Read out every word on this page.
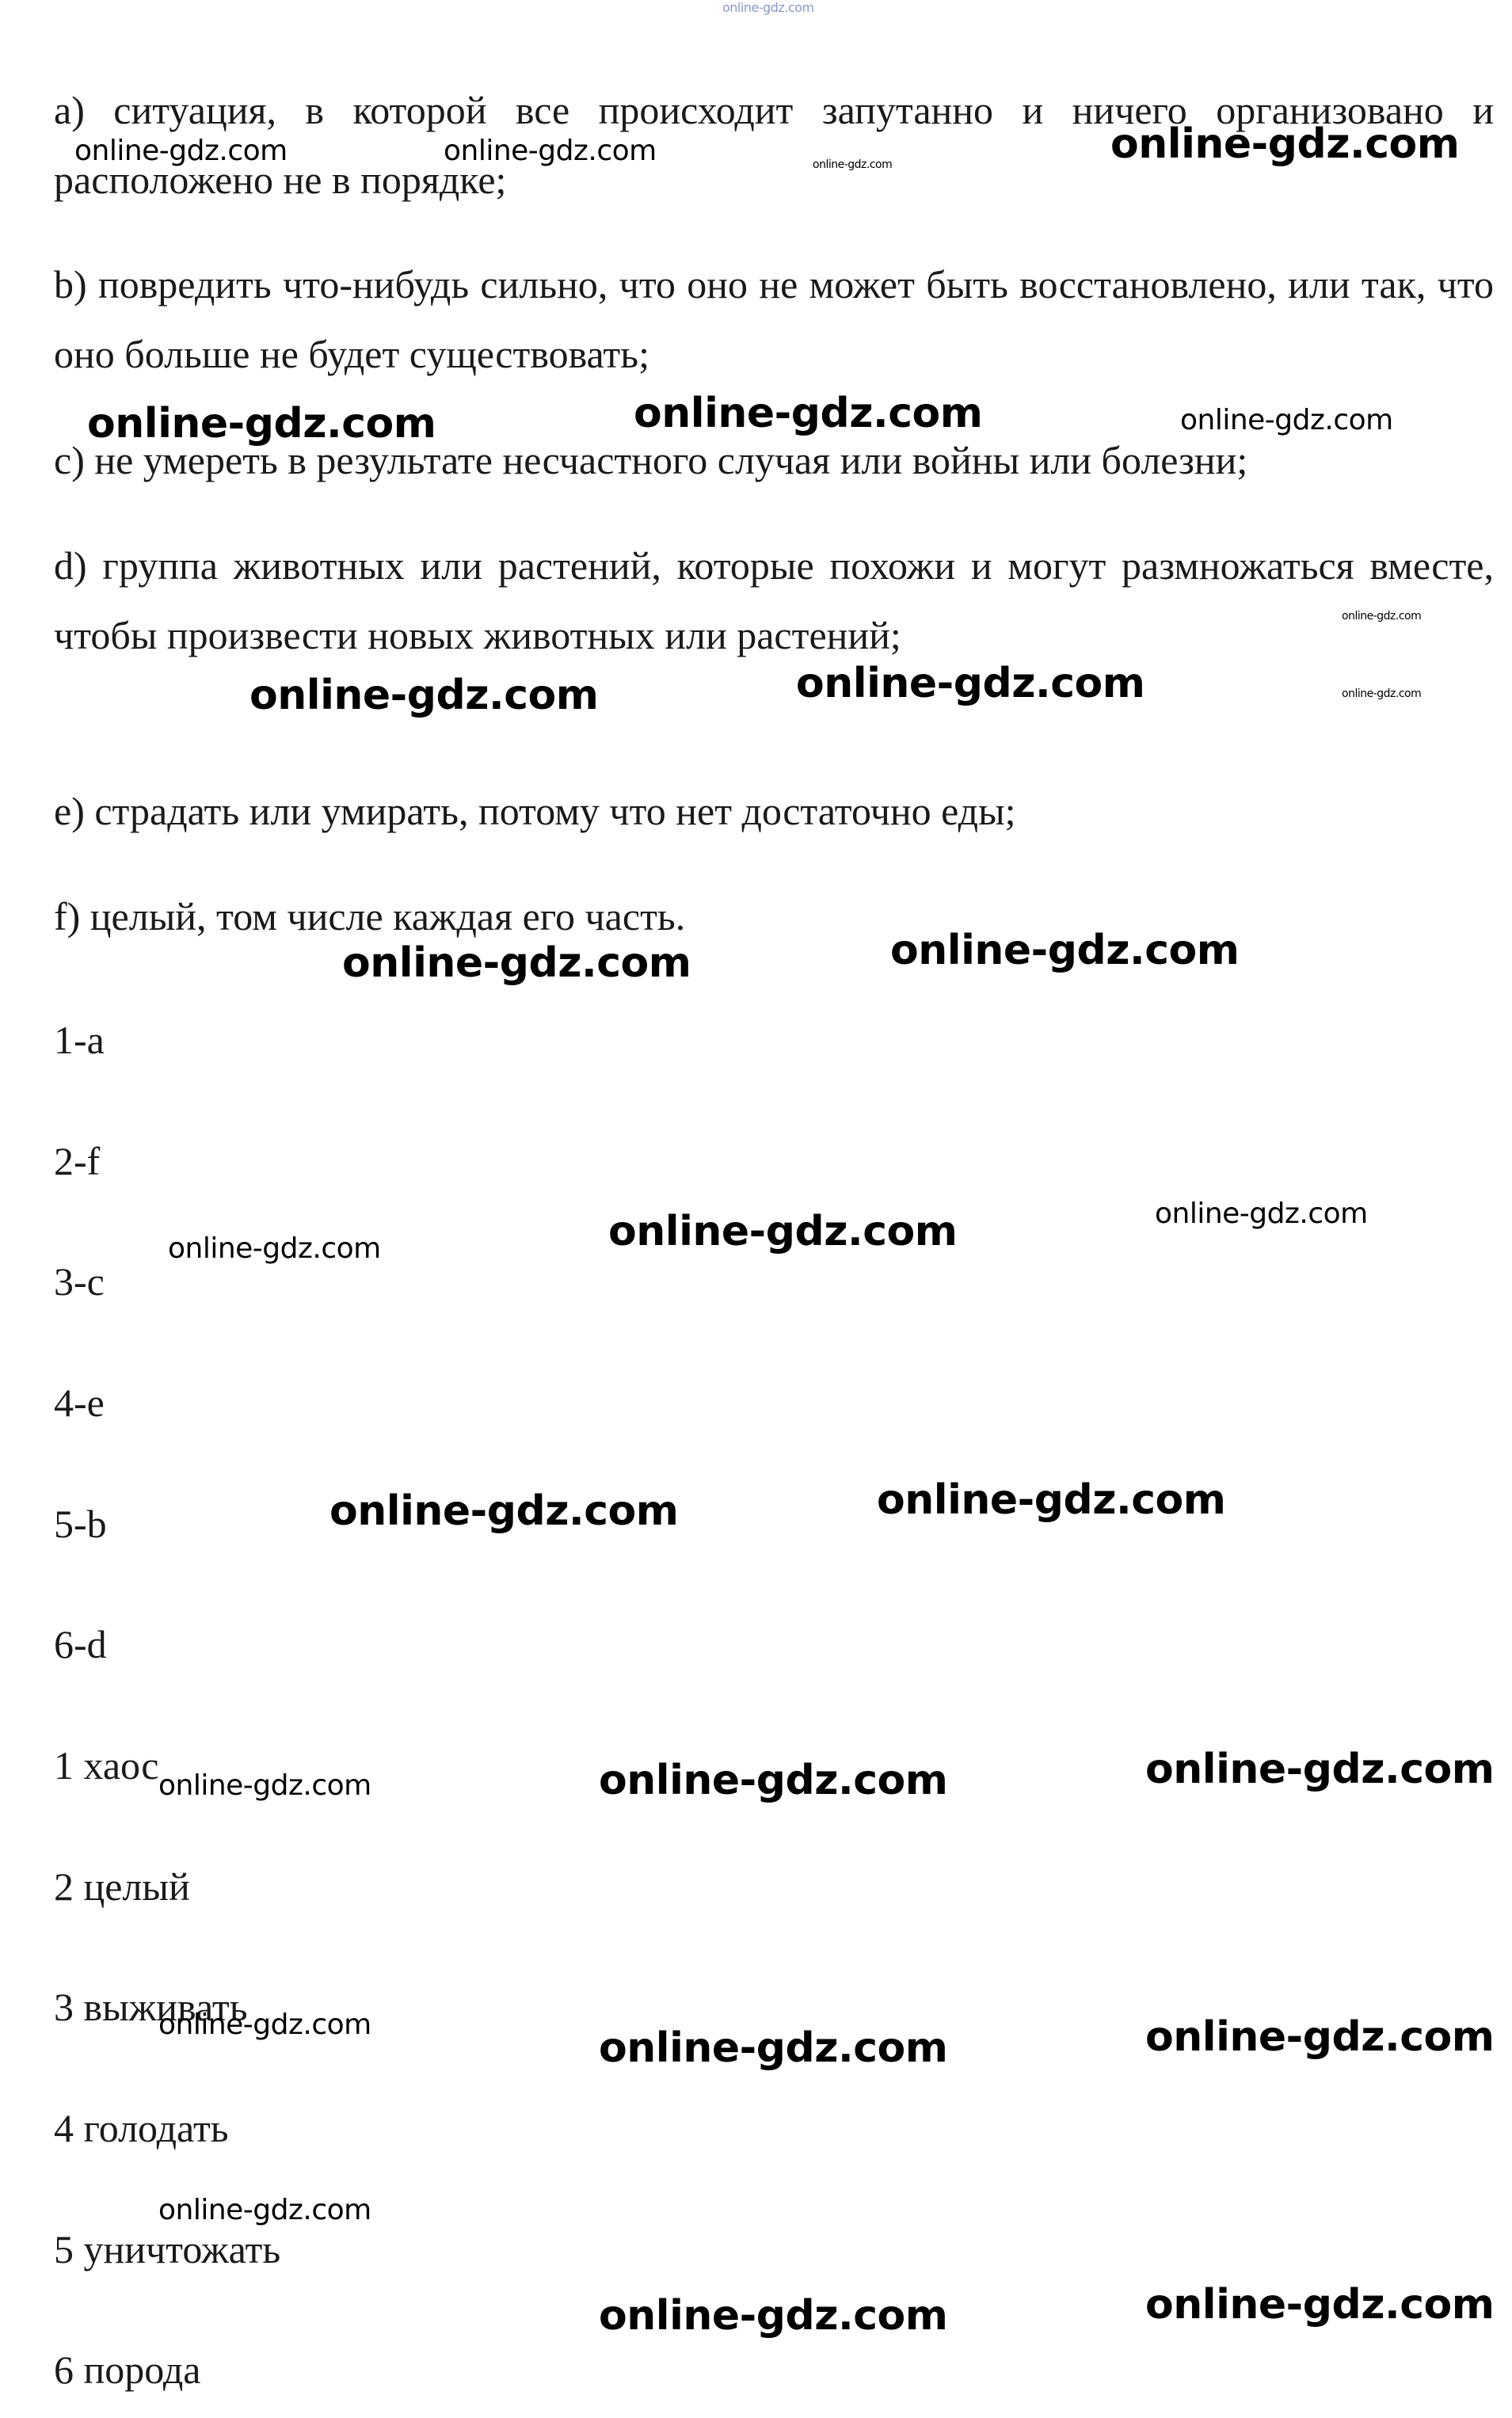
a) ситуация, в которой все происходит запутанно и ничего организовано и расположено не в порядке;

b) повредить что-нибудь сильно, что оно не может быть восстановлено, или так, что оно больше не будет существовать;

c) не умереть в результате несчастного случая или войны или болезни;

d) группа животных или растений, которые похожи и могут размножаться вместе, чтобы произвести новых животных или растений;

e) страдать или умирать, потому что нет достаточно еды;

f) целый, том числе каждая его часть.

1-a

2-f

3-c

4-e

5-b

6-d

1 хаос

2 целый

3 выживать

4 голодать

5 уничтожать

6 порода

online-gdz.com
online-gdz.com	online-gdz.com	online-gdz.com	online-gdz.com
online-gdz.com	online-gdz.com	online-gdz.com
online-gdz.com
online-gdz.com	online-gdz.com	online-gdz.com
online-gdz.com	online-gdz.com
online-gdz.com	online-gdz.com	online-gdz.com
online-gdz.com	online-gdz.com
online-gdz.com	online-gdz.com	online-gdz.com
online-gdz.com	online-gdz.com	online-gdz.com
online-gdz.com
online-gdz.com	online-gdz.com
